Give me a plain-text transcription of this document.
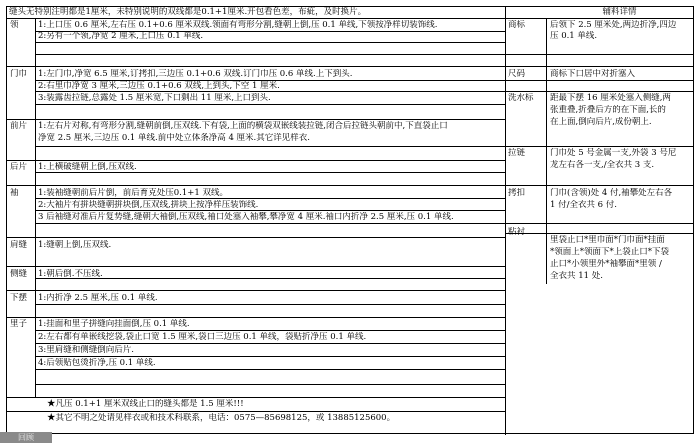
缝头无特别注明都是1厘米，未特别说明的双线都是0.1+1厘米.开包看色差，布疵，及时换片。	辅料详情
领	1:上口压 0.6 厘米,左右压 0.1+0.6 厘米双线.领面有弯形分割,缝朝上倒,压 0.1 单线,下领按净样切装饰线.
2:另有一个领,净宽 2 厘米,上口压 0.1 单线.
门巾	1:左门巾,净宽 6.5 厘米,订拷扣,三边压 0.1+0.6 双线.订门巾压 0.6 单线.上下到头.
2:右里巾净宽 3 厘米,三边压 0.1+0.6 双线,上到头,下空 1 厘米.
3:装露齿拉链,总露处 1.5 厘米宽,下口剩出 11 厘米,上口到头.
前片	1:左右片对称,有弯形分割,缝朝前倒,压双线.下有袋,上面的横袋双嵌线装拉链,闭合后拉链头朝前中,下直袋止口
净宽 2.5 厘米,三边压 0.1 单线.前中处立体条净高 4 厘米.其它详见样衣.
后片	1:上横破缝朝上倒,压双线.
袖	1:装袖缝朝前后片倒，前后育克处压0.1+1 双线。
2:大袖片有拼块缝朝拼块倒,压双线,拼块上按净样压装饰线.
3 后袖缝对准后片复势缝,缝朝大袖倒,压双线,袖口处塞入袖攀,攀净宽 4 厘米.袖口内折净 2.5 厘米,压 0.1 单线.
肩缝	1:缝朝上倒,压双线.
侧缝	1:朝后倒.不压线.
下摆	1:内折净 2.5 厘米,压 0.1 单线.
里子	1:挂面和里子拼缝向挂面倒,压 0.1 单线.
2:左右都有单嵌线挖袋,袋止口宽 1.5 厘米,袋口三边压 0.1 单线，袋贴折净压 0.1 单线.
3:里肩缝和侧缝倒向后片.
4:后领贴包烫折净,压 0.1 单线.
★凡压 0.1+1 厘米双线止口的缝头都是 1.5 厘米!!!
★其它不明之处请见样衣或和技术科联系，电话：0575—85698125，或 13885125600。
商标	后领下 2.5 厘米处,两边折净,四边
压 0.1 单线.
尺码	商标下口居中对折塞入
洗水标	距最下摆 16 厘米处塞入侧缝,两
张重叠,折叠后方的在下面,长的
在上面,倒向后片,成份朝上.
拉链	门巾处 5 号金属一支,外袋 3 号尼
龙左右各一支,/全衣共 3 支.
拷扣	门巾(含领)处 4 付,袖攀处左右各
1 付/全衣共 6 付.
粘衬
里袋止口*里巾面*门巾面*挂面
*领面上*领面下*上袋止口*下袋
止口*小领里外*袖攀面*里领 /
全衣共 11 处.
回顾
